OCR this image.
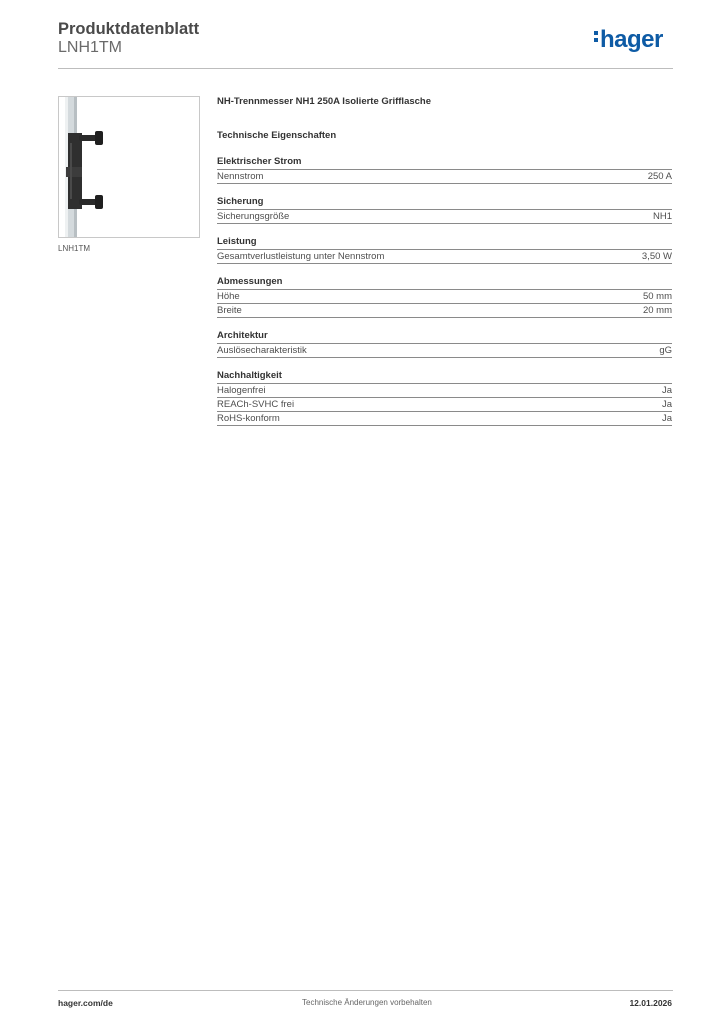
Produktdatenblatt
LNH1TM	hager
LNH1TM
NH-Trennmesser NH1 250A Isolierte Grifflasche
Technische Eigenschaften
Elektrischer Strom
Nennstrom	250 A
Sicherung
Sicherungsgröße	NH1
Leistung
Gesamtverlustleistung unter Nennstrom	3,50 W
Abmessungen
Höhe	50 mm
Breite	20 mm
Architektur
Auslösecharakteristik	gG
Nachhaltigkeit
Halogenfrei	Ja
REACh-SVHC frei	Ja
RoHS-konform	Ja
hager.com/de	Technische Änderungen vorbehalten	12.01.2026
